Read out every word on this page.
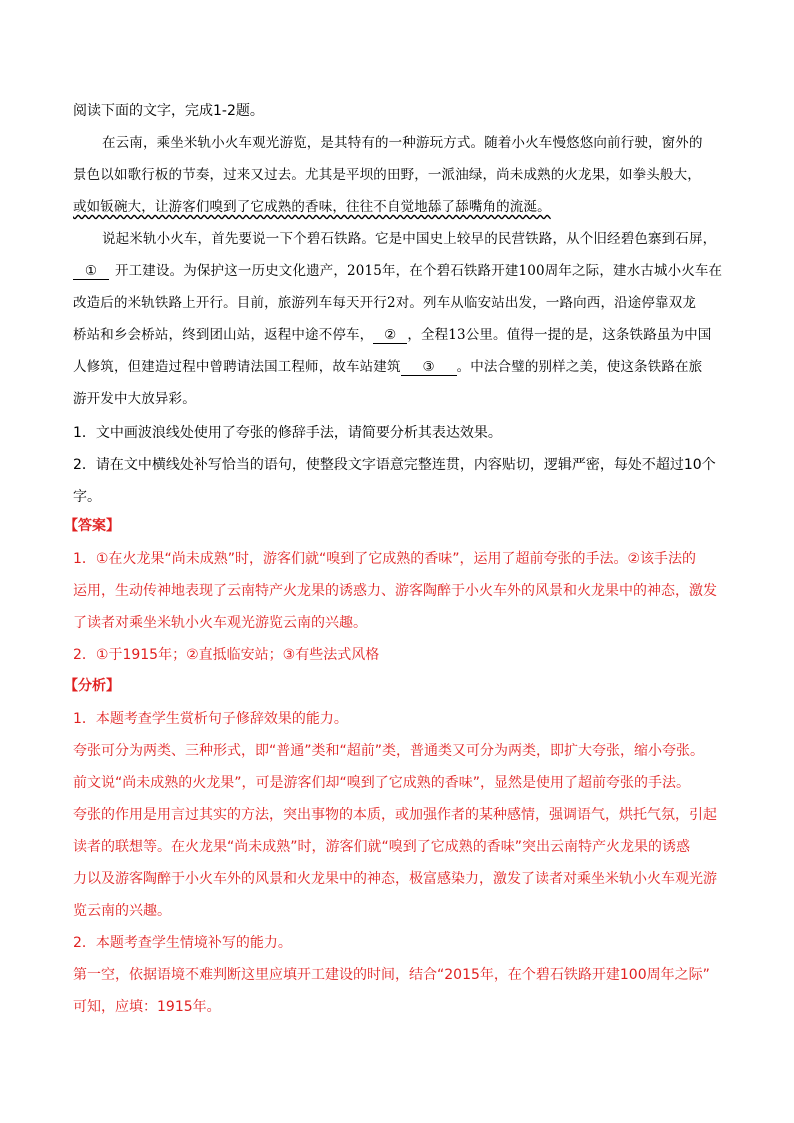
阅读下面的文字，完成1-2题。
在云南，乘坐米轨小火车观光游览，是其特有的一种游玩方式。随着小火车慢悠悠向前行驶，窗外的
景色以如歌行板的节奏，过来又过去。尤其是平坝的田野，一派油绿，尚未成熟的火龙果，如拳头般大，
或如钣碗大，让游客们嗅到了它成熟的香味，往往不自觉地舔了舔嘴角的流涎。
说起米轨小火车，首先要说一下个碧石铁路。它是中国史上较早的民营铁路，从个旧经碧色寨到石屏，
① 开工建设。为保护这一历史文化遗产，2015年，在个碧石铁路开建100周年之际，建水古城小火车在
改造后的米轨铁路上开行。目前，旅游列车每天开行2对。列车从临安站出发，一路向西，沿途停靠双龙
桥站和乡会桥站，终到团山站，返程中途不停车， ② ，全程13公里。值得一提的是，这条铁路虽为中国
人修筑，但建造过程中曾聘请法国工程师，故车站建筑 ③ 。中法合璧的别样之美，使这条铁路在旅
游开发中大放异彩。
1．文中画波浪线处使用了夸张的修辞手法，请简要分析其表达效果。
2．请在文中横线处补写恰当的语句，使整段文字语意完整连贯，内容贴切，逻辑严密，每处不超过10个
字。
【答案】
1．①在火龙果“尚未成熟”时，游客们就“嗅到了它成熟的香味”，运用了超前夸张的手法。②该手法的
运用，生动传神地表现了云南特产火龙果的诱惑力、游客陶醉于小火车外的风景和火龙果中的神态，激发
了读者对乘坐米轨小火车观光游览云南的兴趣。
2．①于1915年；②直抵临安站；③有些法式风格
【分析】
1．本题考查学生赏析句子修辞效果的能力。
夸张可分为两类、三种形式，即“普通”类和“超前”类，普通类又可分为两类，即扩大夸张，缩小夸张。
前文说“尚未成熟的火龙果”，可是游客们却“嗅到了它成熟的香味”，显然是使用了超前夸张的手法。
夸张的作用是用言过其实的方法，突出事物的本质，或加强作者的某种感情，强调语气，烘托气氛，引起
读者的联想等。在火龙果“尚未成熟”时，游客们就“嗅到了它成熟的香味”突出云南特产火龙果的诱惑
力以及游客陶醉于小火车外的风景和火龙果中的神态，极富感染力，激发了读者对乘坐米轨小火车观光游
览云南的兴趣。
2．本题考查学生情境补写的能力。
第一空，依据语境不难判断这里应填开工建设的时间，结合“2015年，在个碧石铁路开建100周年之际”
可知，应填：1915年。
